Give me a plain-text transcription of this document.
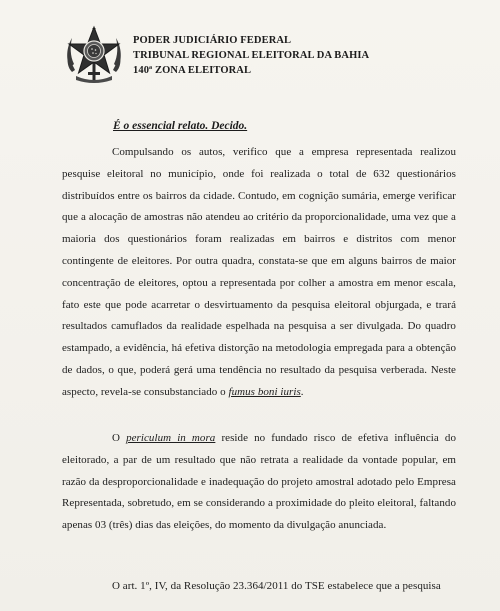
PODER JUDICIÁRIO FEDERAL
TRIBUNAL REGIONAL ELEITORAL DA BAHIA
140ª ZONA ELEITORAL
É o essencial relato. Decido.

Compulsando os autos, verifico que a empresa representada realizou pesquise eleitoral no município, onde foi realizada o total de 632 questionários distribuídos entre os bairros da cidade. Contudo, em cognição sumária, emerge verificar que a alocação de amostras não atendeu ao critério da proporcionalidade, uma vez que a maioria dos questionários foram realizadas em bairros e distritos com menor contingente de eleitores. Por outra quadra, constata-se que em alguns bairros de maior concentração de eleitores, optou a representada por colher a amostra em menor escala, fato este que pode acarretar o desvirtuamento da pesquisa eleitoral objurgada, e trará resultados camuflados da realidade espelhada na pesquisa a ser divulgada. Do quadro estampado, a evidência, há efetiva distorção na metodologia empregada para a obtenção de dados, o que, poderá gerá uma tendência no resultado da pesquisa verberada. Neste aspecto, revela-se consubstanciado o fumus boni iuris.

O periculum in mora reside no fundado risco de efetiva influência do eleitorado, a par de um resultado que não retrata a realidade da vontade popular, em razão da desproporcionalidade e inadequação do projeto amostral adotado pelo Empresa Representada, sobretudo, em se considerando a proximidade do pleito eleitoral, faltando apenas 03 (três) dias das eleições, do momento da divulgação anunciada.

O art. 1º, IV, da Resolução 23.364/2011 do TSE estabelece que a pesquisa
